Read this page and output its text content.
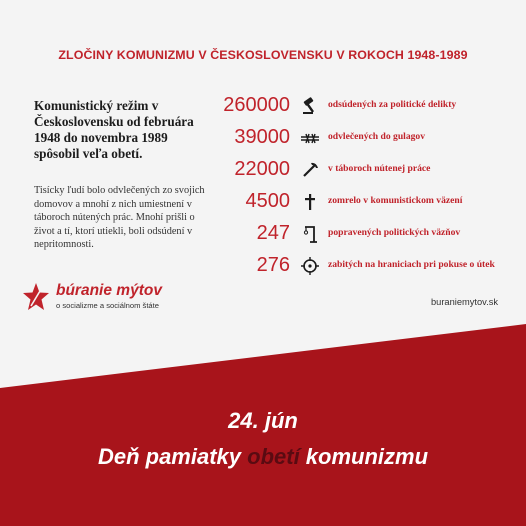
ZLOČINY KOMUNIZMU V ČESKOSLOVENSKU V ROKOCH 1948-1989
Komunistický režim v
Československu od februára
1948 do novembra 1989
spôsobil veľa obetí.
Tisícky ľudí bolo odvlečených zo svojich
domovov a mnohí z nich umiestnení v
táboroch nútených prác. Mnohí prišli o
život a tí, ktorí utiekli, boli odsúdení v
nepritomnosti.
260000	odsúdených za politické delikty
39000	odvlečených do gulagov
22000	v táboroch nútenej práce
4500	zomrelo v komunistickom väzení
247	popravených politických väzňov
276	zabitých na hraniciach pri pokuse o útek
búranie mýtov
o socializme a sociálnom štáte	buraniemytov.sk
24. jún
Deň pamiatky obetí komunizmu
